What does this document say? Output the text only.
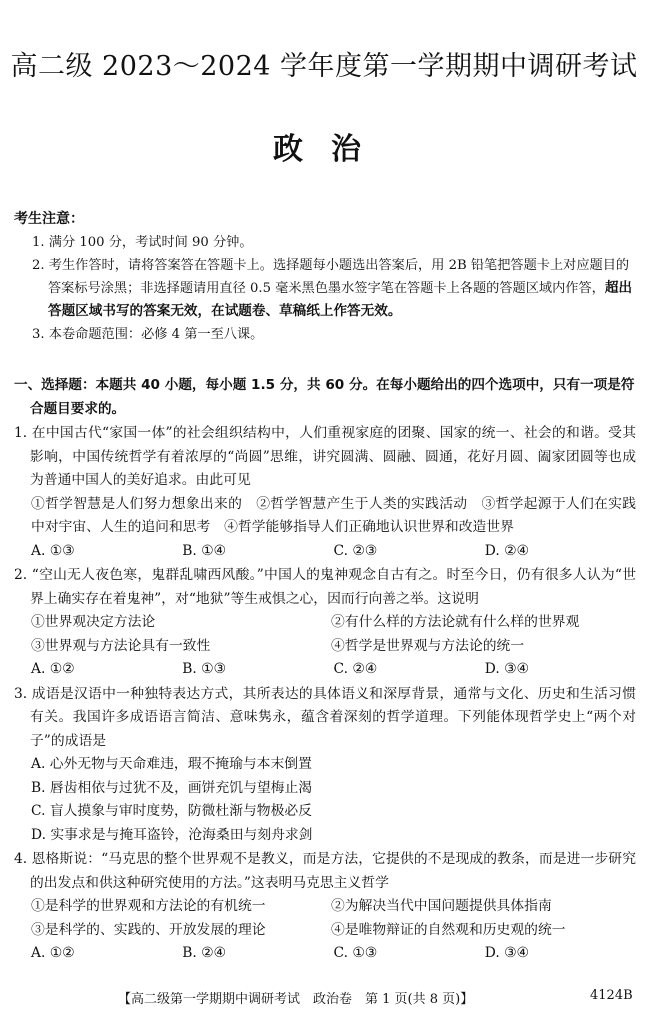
高二级 2023～2024 学年度第一学期期中调研考试
政治
考生注意：
1. 满分 100 分，考试时间 90 分钟。
2. 考生作答时，请将答案答在答题卡上。选择题每小题选出答案后，用 2B 铅笔把答题卡上对应题目的答案标号涂黑；非选择题请用直径 0.5 毫米黑色墨水签字笔在答题卡上各题的答题区域内作答，超出答题区域书写的答案无效，在试题卷、草稿纸上作答无效。
3. 本卷命题范围：必修 4 第一至八课。
一、选择题：本题共 40 小题，每小题 1.5 分，共 60 分。在每小题给出的四个选项中，只有一项是符合题目要求的。
1. 在中国古代“家国一体”的社会组织结构中，人们重视家庭的团聚、国家的统一、社会的和谐。受其影响，中国传统哲学有着浓厚的“尚圆”思维，讲究圆满、圆融、圆通，花好月圆、阖家团圆等也成为普通中国人的美好追求。由此可见
①哲学智慧是人们努力想象出来的　②哲学智慧产生于人类的实践活动　③哲学起源于人们在实践中对宇宙、人生的追问和思考　④哲学能够指导人们正确地认识世界和改造世界
A. ①③	B. ①④	C. ②③	D. ②④
2. “空山无人夜色寒，鬼群乱啸西风酸。”中国人的鬼神观念自古有之。时至今日，仍有很多人认为“世界上确实存在着鬼神”，对“地狱”等生戒惧之心，因而行向善之举。这说明
①世界观决定方法论	②有什么样的方法论就有什么样的世界观
③世界观与方法论具有一致性	④哲学是世界观与方法论的统一
A. ①②	B. ①③	C. ②④	D. ③④
3. 成语是汉语中一种独特表达方式，其所表达的具体语义和深厚背景，通常与文化、历史和生活习惯有关。我国许多成语语言简洁、意味隽永，蕴含着深刻的哲学道理。下列能体现哲学史上“两个对子”的成语是
A. 心外无物与天命难违，瑕不掩瑜与本末倒置
B. 唇齿相依与过犹不及，画饼充饥与望梅止渴
C. 盲人摸象与审时度势，防微杜渐与物极必反
D. 实事求是与掩耳盗铃，沧海桑田与刻舟求剑
4. 恩格斯说：“马克思的整个世界观不是教义，而是方法，它提供的不是现成的教条，而是进一步研究的出发点和供这种研究使用的方法。”这表明马克思主义哲学
①是科学的世界观和方法论的有机统一	②为解决当代中国问题提供具体指南
③是科学的、实践的、开放发展的理论	④是唯物辩证的自然观和历史观的统一
A. ①②	B. ②④	C. ①③	D. ③④
【高二级第一学期期中调研考试　政治卷　第 1 页(共 8 页)】	4124B
